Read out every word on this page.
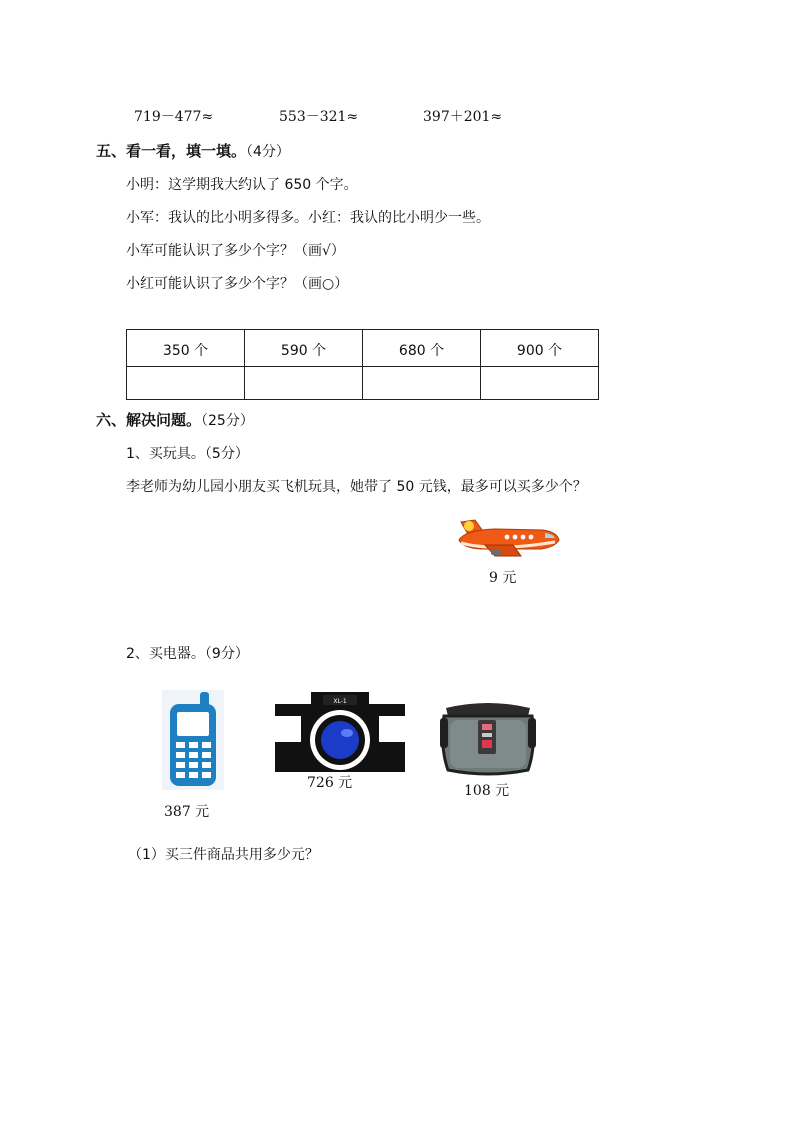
719－477≈	553－321≈	397＋201≈
五、看一看，填一填。（4分）
小明：这学期我大约认了 650 个字。
小军：我认的比小明多得多。小红：我认的比小明少一些。
小军可能认识了多少个字？（画√）
小红可能认识了多少个字？（画○）
350 个	590 个	680 个	900 个

六、解决问题。（25分）
1、买玩具。（5分）
李老师为幼儿园小朋友买飞机玩具，她带了 50 元钱，最多可以买多少个？
9 元
2、买电器。（9分）
387 元
XL-1
726 元	108 元
（1）买三件商品共用多少元？
